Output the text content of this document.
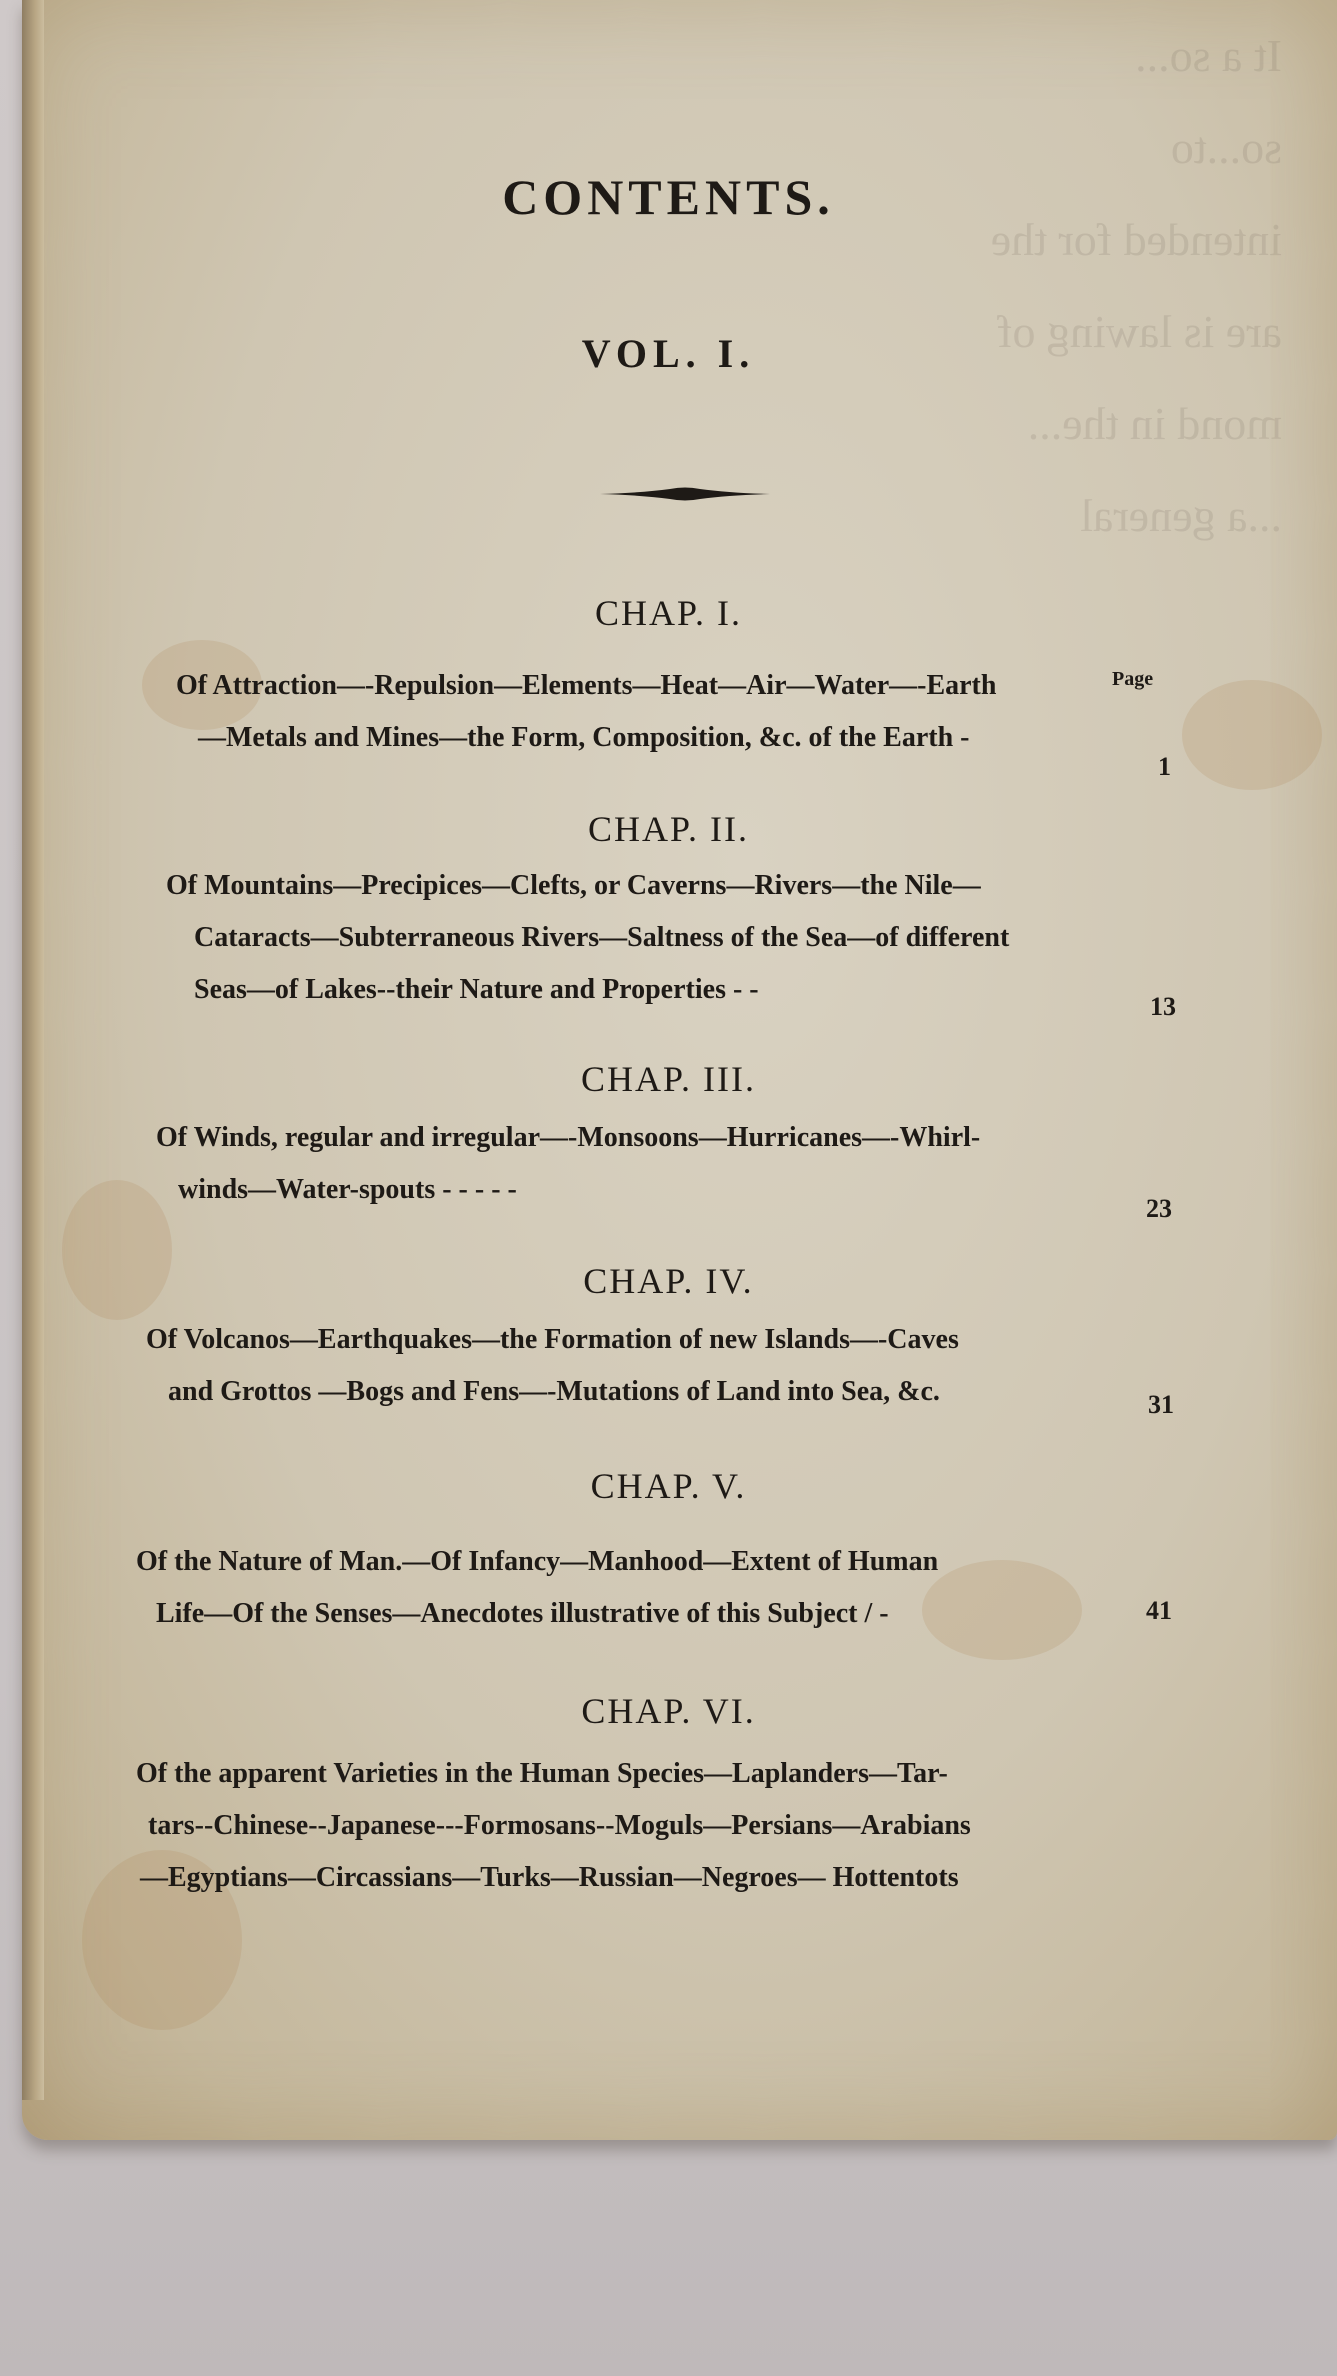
It a so...
so...to
intended for the
are is lawing of
mond in the...
...a general
CONTENTS.
VOL. I.
Page
CHAP. I.
Of Attraction—-Repulsion—Elements—Heat—Air—Water—-Earth
—Metals and Mines—the Form, Composition, &c. of the Earth -
1
CHAP. II.
Of Mountains—Precipices—Clefts, or Caverns—Rivers—the Nile—
Cataracts—Subterraneous Rivers—Saltness of the Sea—of different
Seas—of Lakes--their Nature and Properties - -
13
CHAP. III.
Of Winds, regular and irregular—-Monsoons—Hurricanes—-Whirl-
winds—Water-spouts - - - - -
23
CHAP. IV.
Of Volcanos—Earthquakes—the Formation of new Islands—-Caves
and Grottos —Bogs and Fens—-Mutations of Land into Sea, &c.	31
CHAP. V.
Of the Nature of Man.—Of Infancy—Manhood—Extent of Human
Life—Of the Senses—Anecdotes illustrative of this Subject / -	41
CHAP. VI.
Of the apparent Varieties in the Human Species—Laplanders—Tar-
tars--Chinese--Japanese---Formosans--Moguls—Persians—Arabians
—Egyptians—Circassians—Turks—Russian—Negroes— Hottentots
